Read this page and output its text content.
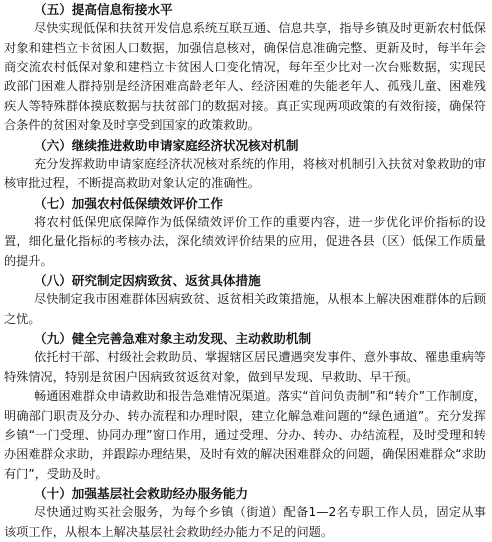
（五）提高信息衔接水平

尽快实现低保和扶贫开发信息系统互联互通、信息共享，指导乡镇及时更新农村低保对象和建档立卡贫困人口数据，加强信息核对，确保信息准确完整、更新及时，每半年会商交流农村低保对象和建档立卡贫困人口变化情况，每年至少比对一次台账数据，实现民政部门困难人群持别是经济困难高龄老年人、经济困难的失能老年人、孤残儿童、困难残疾人等特殊群体摸底数据与扶贫部门的数据对接。真正实现两项政策的有效衔接，确保符合条件的贫困对象及时享受到国家的政策救助。

（六）继续推进救助申请家庭经济状况核对机制

充分发挥救助申请家庭经济状况核对系统的作用，将核对机制引入扶贫对象救助的审核审批过程，不断提高救助对象认定的准确性。

（七）加强农村低保绩效评价工作

将农村低保兜底保障作为低保绩效评价工作的重要内容，进一步优化评价指标的设置，细化量化指标的考核办法，深化绩效评价结果的应用，促进各县（区）低保工作质量的提升。

（八）研究制定因病致贫、返贫具体措施

尽快制定我市困难群体因病致贫、返贫相关政策措施，从根本上解决困难群体的后顾之忧。

（九）健全完善急难对象主动发现、主动救助机制

依托村干部、村级社会救助员、掌握辖区居民遭遇突发事件、意外事故、罹患重病等特殊情况，特别是贫困户因病致贫返贫对象，做到早发现、早救助、早干预。

畅通困难群众申请救助和报告急难情况渠道。落实“首问负责制”和“转介”工作制度，明确部门职责及分办、转办流程和办理时限，建立化解急难问题的“绿色通道”。充分发挥乡镇“一门受理、协同办理”窗口作用，通过受理、分办、转办、办结流程，及时受理和转办困难群众求助，并跟踪办理结果，及时有效的解决困难群众的问题，确保困难群众“求助有门”，受助及时。

（十）加强基层社会救助经办服务能力

尽快通过购买社会服务，为每个乡镇（街道）配备1—2名专职工作人员，固定从事该项工作，从根本上解决基层社会救助经办能力不足的问题。
